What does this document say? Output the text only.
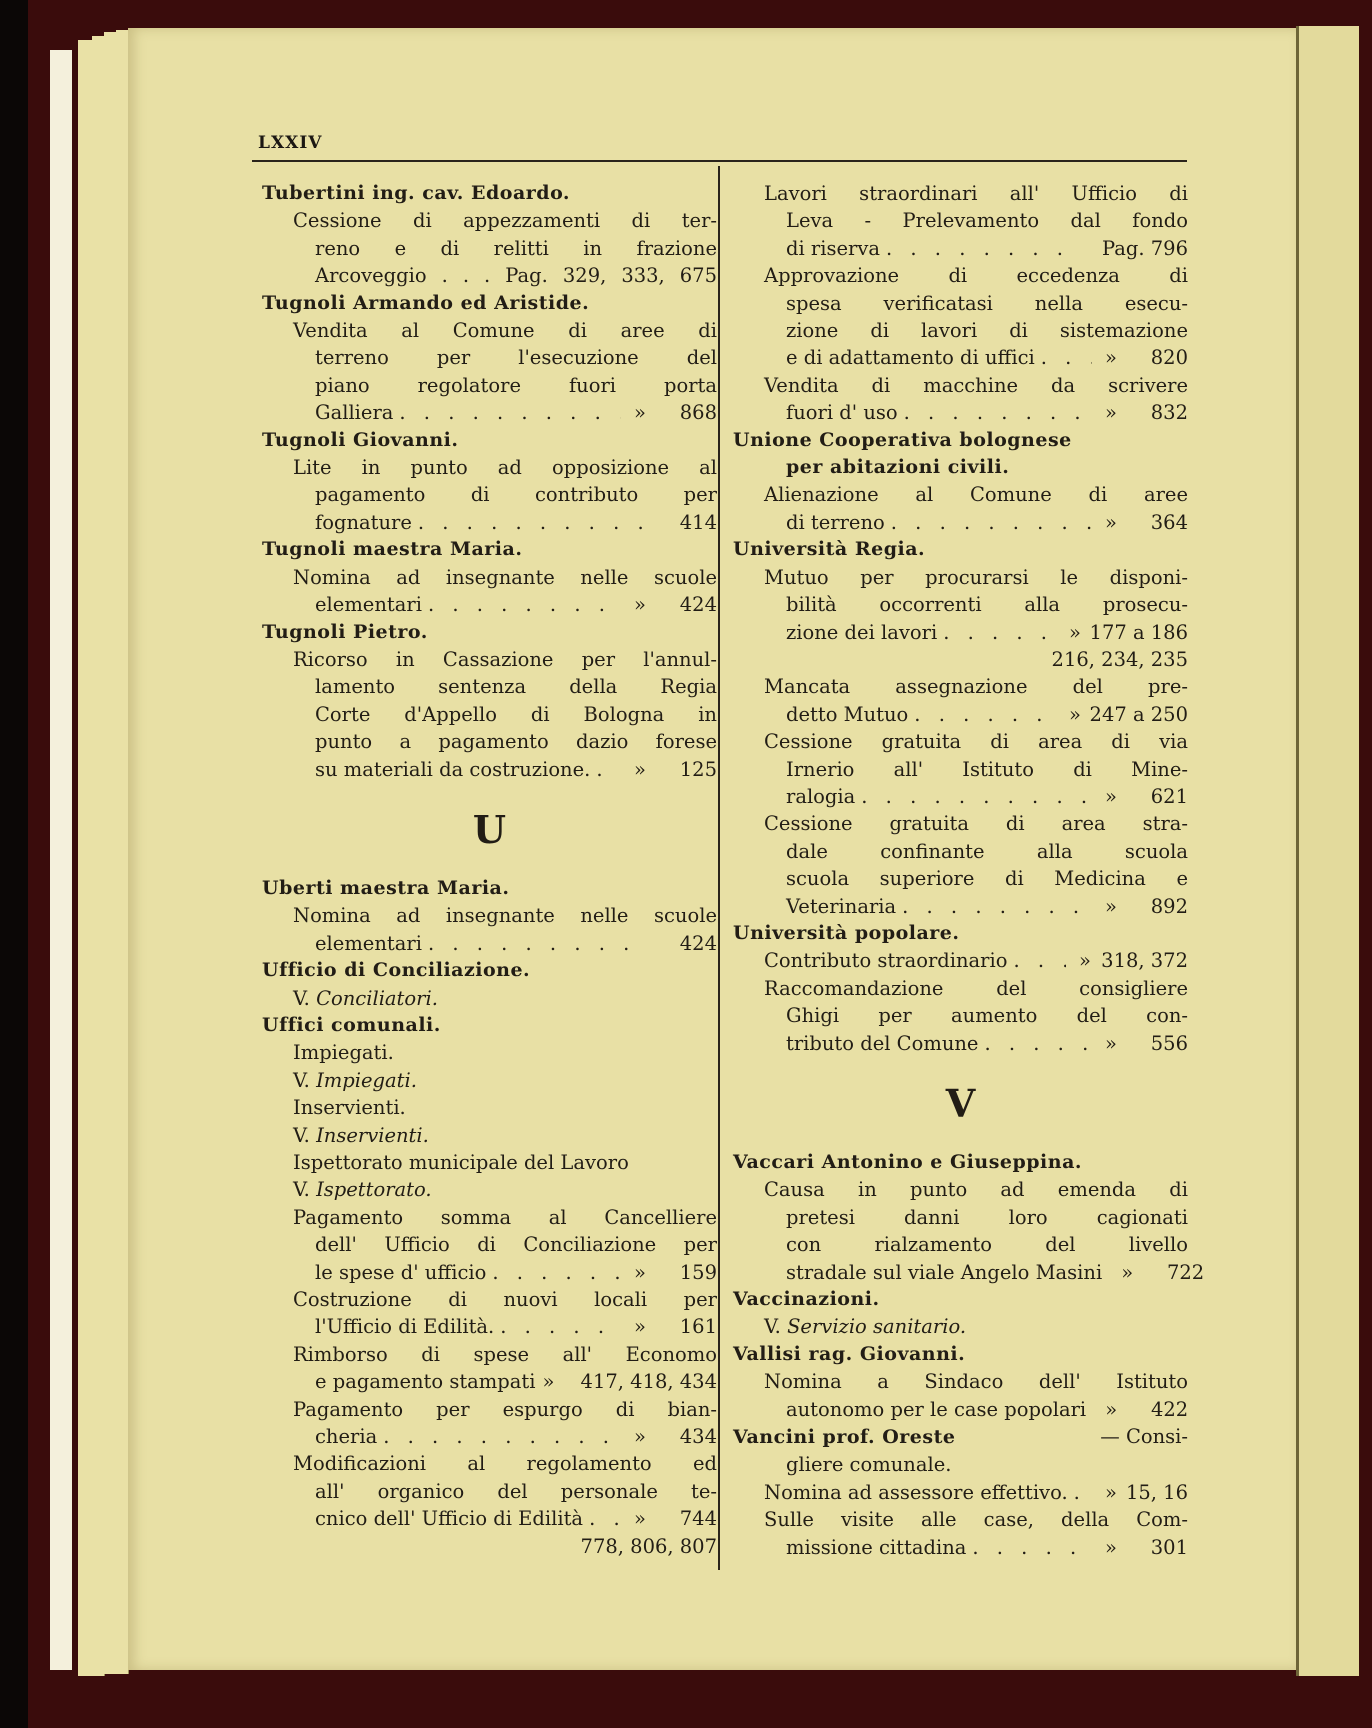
LXXIV
Tubertini ing. cav. Edoardo.
Cessione di appezzamenti di ter-
reno e di relitti in frazione
Arcoveggio . . . Pag. 329, 333, 675
Tugnoli Armando ed Aristide.
Vendita al Comune di aree di
terreno per l'esecuzione del
piano regolatore fuori porta
Galliera . . .	»	868
Tugnoli Giovanni.
Lite in punto ad opposizione al
pagamento di contributo per
fognature . . .	414
Tugnoli maestra Maria.
Nomina ad insegnante nelle scuole
elementari . . .	»	424
Tugnoli Pietro.
Ricorso in Cassazione per l'annul-
lamento sentenza della Regia
Corte d'Appello di Bologna in
punto a pagamento dazio forese
su materiali da costruzione. . . .	»	125
U
Uberti maestra Maria.
Nomina ad insegnante nelle scuole
elementari . . .	424
Ufficio di Conciliazione.
V. Conciliatori.
Uffici comunali.
Impiegati.
V. Impiegati.
Inservienti.
V. Inservienti.
Ispettorato municipale del Lavoro
V. Ispettorato.
Pagamento somma al Cancelliere
dell' Ufficio di Conciliazione per
le spese d' ufficio . . .	»	159
Costruzione di nuovi locali per
l'Ufficio di Edilità. . . .	»	161
Rimborso di spese all' Economo
e pagamento stampati »	417, 418, 434
Pagamento per espurgo di bian-
cheria . . .	»	434
Modificazioni al regolamento ed
all' organico del personale te-
cnico dell' Ufficio di Edilità . . .	»	744
778, 806, 807
Lavori straordinari all' Ufficio di
Leva - Prelevamento dal fondo
di riserva . . .	Pag. 796
Approvazione di eccedenza di
spesa verificatasi nella esecu-
zione di lavori di sistemazione
e di adattamento di uffici . . .	»	820
Vendita di macchine da scrivere
fuori d' uso . . .	»	832
Unione Cooperativa bolognese
per abitazioni civili.
Alienazione al Comune di aree
di terreno . . .	»	364
Università Regia.
Mutuo per procurarsi le disponi-
bilità occorrenti alla prosecu-
zione dei lavori . . .	» 177 a 186
216, 234, 235
Mancata assegnazione del pre-
detto Mutuo . . .	» 247 a 250
Cessione gratuita di area di via
Irnerio all' Istituto di Mine-
ralogia . . .	»	621
Cessione gratuita di area stra-
dale confinante alla scuola
scuola superiore di Medicina e
Veterinaria . . .	»	892
Università popolare.
Contributo straordinario . . .	» 318, 372
Raccomandazione del consigliere
Ghigi per aumento del con-
tributo del Comune . . .	»	556
V
Vaccari Antonino e Giuseppina.
Causa in punto ad emenda di
pretesi danni loro cagionati
con rialzamento del livello
stradale sul viale Angelo Masini »	722
Vaccinazioni.
V. Servizio sanitario.
Vallisi rag. Giovanni.
Nomina a Sindaco dell' Istituto
autonomo per le case popolari »	422
Vancini prof. Oreste	— Consi-
gliere comunale.
Nomina ad assessore effettivo. . . .	» 15, 16
Sulle visite alle case, della Com-
missione cittadina . . .	»	301
